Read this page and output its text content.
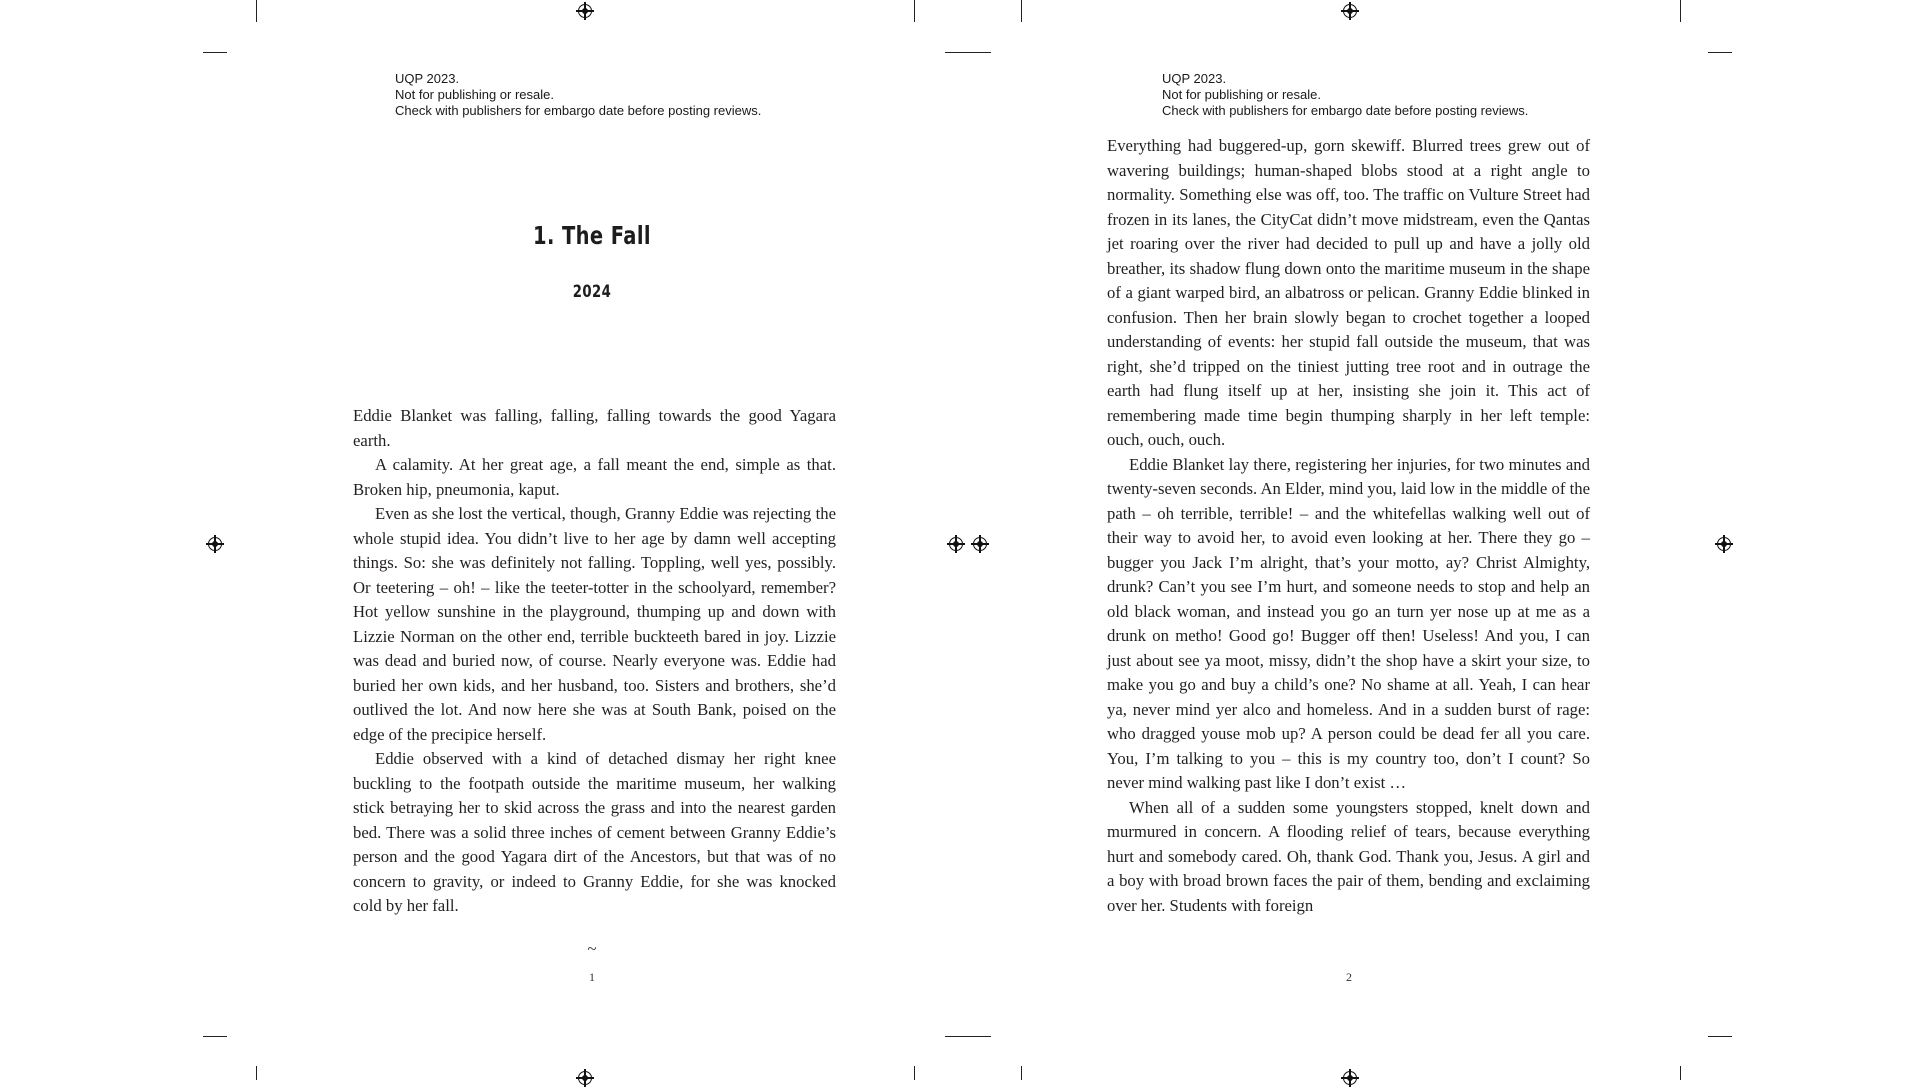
UQP 2023.
Not for publishing or resale.
Check with publishers for embargo date before posting reviews.
1. The Fall
2024

Eddie Blanket was falling, falling, falling towards the good Yagara earth.

A calamity. At her great age, a fall meant the end, simple as that. Broken hip, pneumonia, kaput.

Even as she lost the vertical, though, Granny Eddie was rejecting the whole stupid idea. You didn’t live to her age by damn well accepting things. So: she was definitely not falling. Toppling, well yes, possibly. Or teetering – oh! – like the teeter-totter in the schoolyard, remember? Hot yellow sunshine in the playground, thumping up and down with Lizzie Norman on the other end, terrible buckteeth bared in joy. Lizzie was dead and buried now, of course. Nearly everyone was. Eddie had buried her own kids, and her husband, too. Sisters and brothers, she’d outlived the lot. And now here she was at South Bank, poised on the edge of the precipice herself.

Eddie observed with a kind of detached dismay her right knee buckling to the footpath outside the maritime museum, her walking stick betraying her to skid across the grass and into the nearest garden bed. There was a solid three inches of cement between Granny Eddie’s person and the good Yagara dirt of the Ancestors, but that was of no concern to gravity, or indeed to Granny Eddie, for she was knocked cold by her fall.

~
1
UQP 2023.
Not for publishing or resale.
Check with publishers for embargo date before posting reviews.

Everything had buggered-up, gorn skewiff. Blurred trees grew out of wavering buildings; human-shaped blobs stood at a right angle to normality. Something else was off, too. The traffic on Vulture Street had frozen in its lanes, the CityCat didn’t move midstream, even the Qantas jet roaring over the river had decided to pull up and have a jolly old breather, its shadow flung down onto the maritime museum in the shape of a giant warped bird, an albatross or pelican. Granny Eddie blinked in confusion. Then her brain slowly began to crochet together a looped understanding of events: her stupid fall outside the museum, that was right, she’d tripped on the tiniest jutting tree root and in outrage the earth had flung itself up at her, insisting she join it. This act of remembering made time begin thumping sharply in her left temple: ouch, ouch, ouch.

Eddie Blanket lay there, registering her injuries, for two minutes and twenty-seven seconds. An Elder, mind you, laid low in the middle of the path – oh terrible, terrible! – and the whitefellas walking well out of their way to avoid her, to avoid even looking at her. There they go – bugger you Jack I’m alright, that’s your motto, ay? Christ Almighty, drunk? Can’t you see I’m hurt, and someone needs to stop and help an old black woman, and instead you go an turn yer nose up at me as a drunk on metho! Good go! Bugger off then! Useless! And you, I can just about see ya moot, missy, didn’t the shop have a skirt your size, to make you go and buy a child’s one? No shame at all. Yeah, I can hear ya, never mind yer alco and homeless. And in a sudden burst of rage: who dragged youse mob up? A person could be dead fer all you care. You, I’m talking to you – this is my country too, don’t I count? So never mind walking past like I don’t exist …

When all of a sudden some youngsters stopped, knelt down and murmured in concern. A flooding relief of tears, because everything hurt and somebody cared. Oh, thank God. Thank you, Jesus. A girl and a boy with broad brown faces the pair of them, bending and exclaiming over her. Students with foreign

2
